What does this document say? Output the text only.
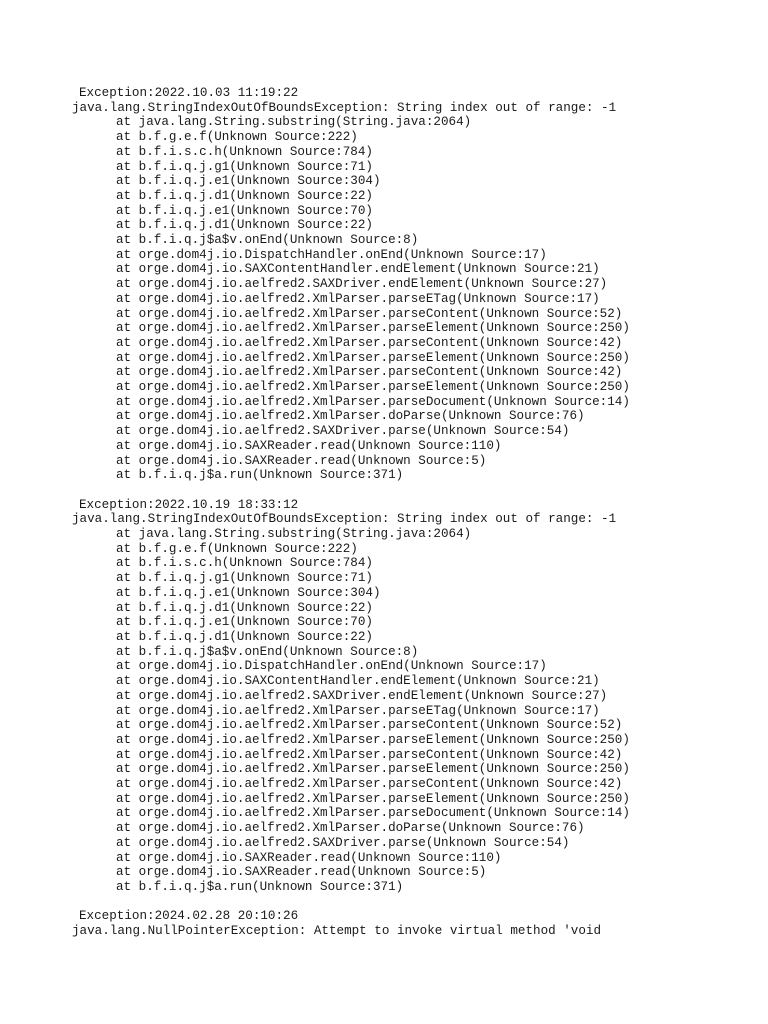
Exception:2022.10.03 11:19:22
java.lang.StringIndexOutOfBoundsException: String index out of range: -1
at java.lang.String.substring(String.java:2064)
at b.f.g.e.f(Unknown Source:222)
at b.f.i.s.c.h(Unknown Source:784)
at b.f.i.q.j.g1(Unknown Source:71)
at b.f.i.q.j.e1(Unknown Source:304)
at b.f.i.q.j.d1(Unknown Source:22)
at b.f.i.q.j.e1(Unknown Source:70)
at b.f.i.q.j.d1(Unknown Source:22)
at b.f.i.q.j$a$v.onEnd(Unknown Source:8)
at orge.dom4j.io.DispatchHandler.onEnd(Unknown Source:17)
at orge.dom4j.io.SAXContentHandler.endElement(Unknown Source:21)
at orge.dom4j.io.aelfred2.SAXDriver.endElement(Unknown Source:27)
at orge.dom4j.io.aelfred2.XmlParser.parseETag(Unknown Source:17)
at orge.dom4j.io.aelfred2.XmlParser.parseContent(Unknown Source:52)
at orge.dom4j.io.aelfred2.XmlParser.parseElement(Unknown Source:250)
at orge.dom4j.io.aelfred2.XmlParser.parseContent(Unknown Source:42)
at orge.dom4j.io.aelfred2.XmlParser.parseElement(Unknown Source:250)
at orge.dom4j.io.aelfred2.XmlParser.parseContent(Unknown Source:42)
at orge.dom4j.io.aelfred2.XmlParser.parseElement(Unknown Source:250)
at orge.dom4j.io.aelfred2.XmlParser.parseDocument(Unknown Source:14)
at orge.dom4j.io.aelfred2.XmlParser.doParse(Unknown Source:76)
at orge.dom4j.io.aelfred2.SAXDriver.parse(Unknown Source:54)
at orge.dom4j.io.SAXReader.read(Unknown Source:110)
at orge.dom4j.io.SAXReader.read(Unknown Source:5)
at b.f.i.q.j$a.run(Unknown Source:371)
Exception:2022.10.19 18:33:12
java.lang.StringIndexOutOfBoundsException: String index out of range: -1
at java.lang.String.substring(String.java:2064)
at b.f.g.e.f(Unknown Source:222)
at b.f.i.s.c.h(Unknown Source:784)
at b.f.i.q.j.g1(Unknown Source:71)
at b.f.i.q.j.e1(Unknown Source:304)
at b.f.i.q.j.d1(Unknown Source:22)
at b.f.i.q.j.e1(Unknown Source:70)
at b.f.i.q.j.d1(Unknown Source:22)
at b.f.i.q.j$a$v.onEnd(Unknown Source:8)
at orge.dom4j.io.DispatchHandler.onEnd(Unknown Source:17)
at orge.dom4j.io.SAXContentHandler.endElement(Unknown Source:21)
at orge.dom4j.io.aelfred2.SAXDriver.endElement(Unknown Source:27)
at orge.dom4j.io.aelfred2.XmlParser.parseETag(Unknown Source:17)
at orge.dom4j.io.aelfred2.XmlParser.parseContent(Unknown Source:52)
at orge.dom4j.io.aelfred2.XmlParser.parseElement(Unknown Source:250)
at orge.dom4j.io.aelfred2.XmlParser.parseContent(Unknown Source:42)
at orge.dom4j.io.aelfred2.XmlParser.parseElement(Unknown Source:250)
at orge.dom4j.io.aelfred2.XmlParser.parseContent(Unknown Source:42)
at orge.dom4j.io.aelfred2.XmlParser.parseElement(Unknown Source:250)
at orge.dom4j.io.aelfred2.XmlParser.parseDocument(Unknown Source:14)
at orge.dom4j.io.aelfred2.XmlParser.doParse(Unknown Source:76)
at orge.dom4j.io.aelfred2.SAXDriver.parse(Unknown Source:54)
at orge.dom4j.io.SAXReader.read(Unknown Source:110)
at orge.dom4j.io.SAXReader.read(Unknown Source:5)
at b.f.i.q.j$a.run(Unknown Source:371)
Exception:2024.02.28 20:10:26
java.lang.NullPointerException: Attempt to invoke virtual method 'void
